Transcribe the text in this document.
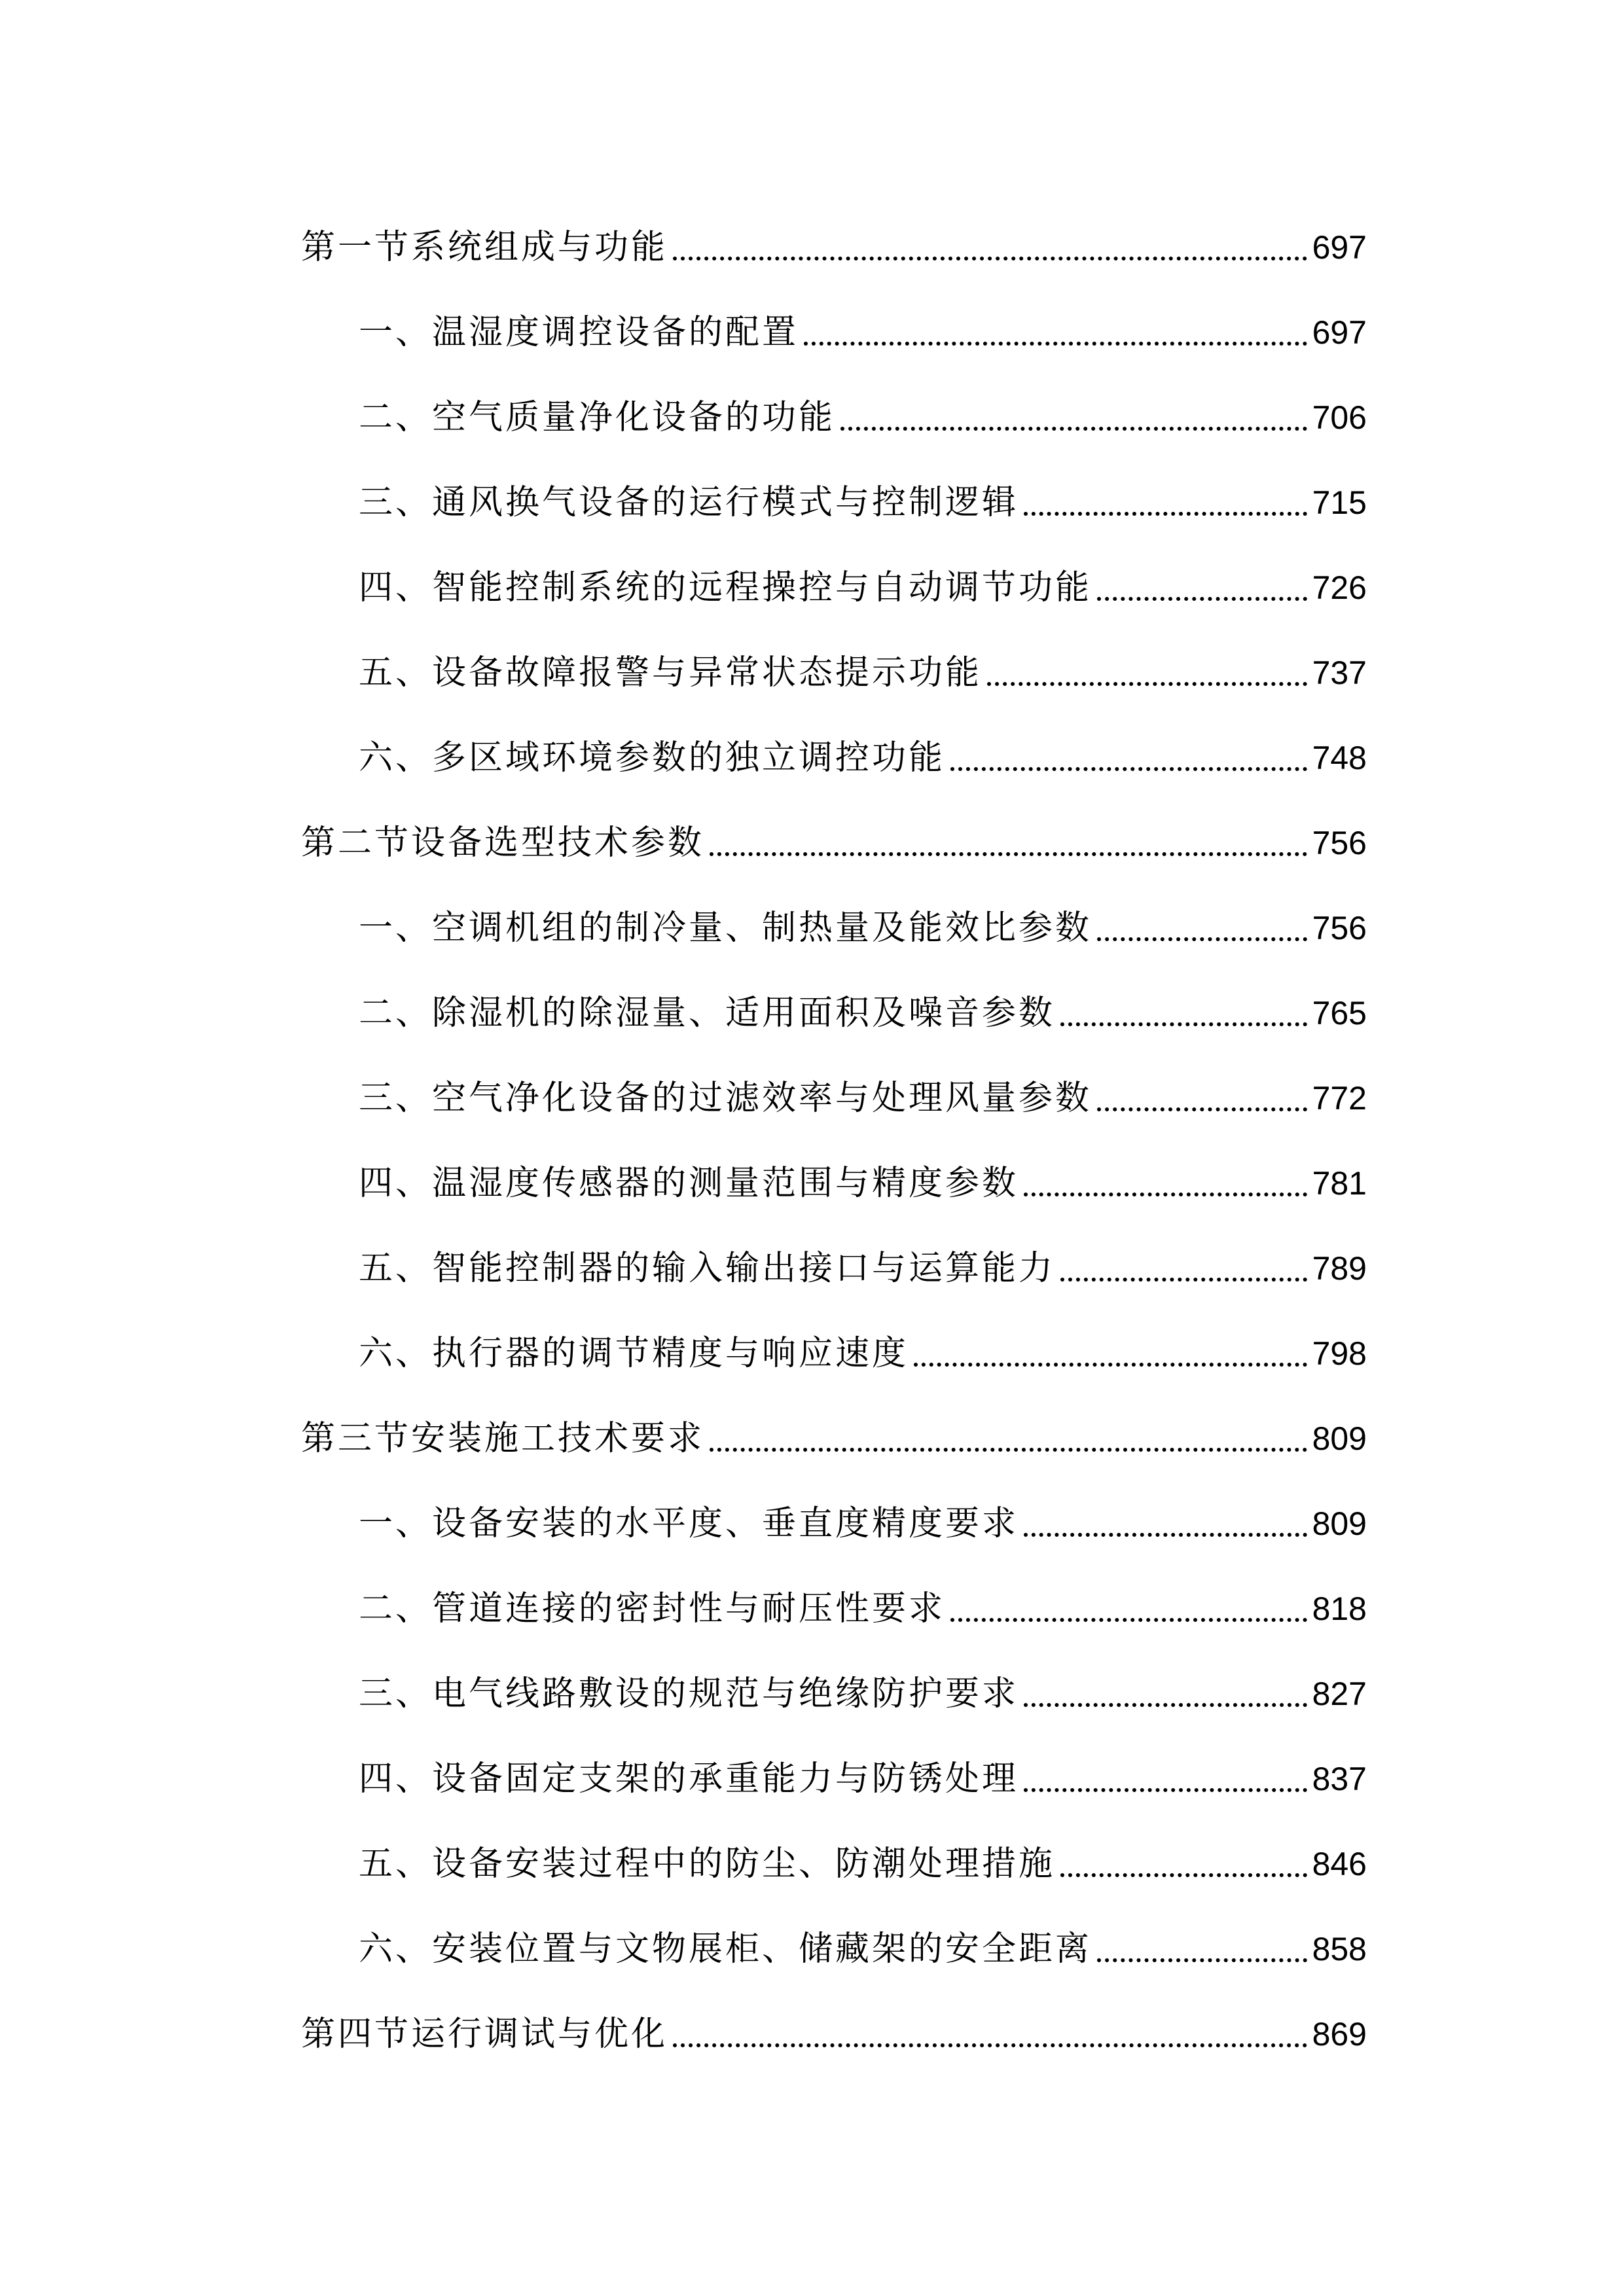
第一节系统组成与功能	697
一、温湿度调控设备的配置	697
二、空气质量净化设备的功能	706
三、通风换气设备的运行模式与控制逻辑	715
四、智能控制系统的远程操控与自动调节功能	726
五、设备故障报警与异常状态提示功能	737
六、多区域环境参数的独立调控功能	748
第二节设备选型技术参数	756
一、空调机组的制冷量、制热量及能效比参数	756
二、除湿机的除湿量、适用面积及噪音参数	765
三、空气净化设备的过滤效率与处理风量参数	772
四、温湿度传感器的测量范围与精度参数	781
五、智能控制器的输入输出接口与运算能力	789
六、执行器的调节精度与响应速度	798
第三节安装施工技术要求	809
一、设备安装的水平度、垂直度精度要求	809
二、管道连接的密封性与耐压性要求	818
三、电气线路敷设的规范与绝缘防护要求	827
四、设备固定支架的承重能力与防锈处理	837
五、设备安装过程中的防尘、防潮处理措施	846
六、安装位置与文物展柜、储藏架的安全距离	858
第四节运行调试与优化	869
